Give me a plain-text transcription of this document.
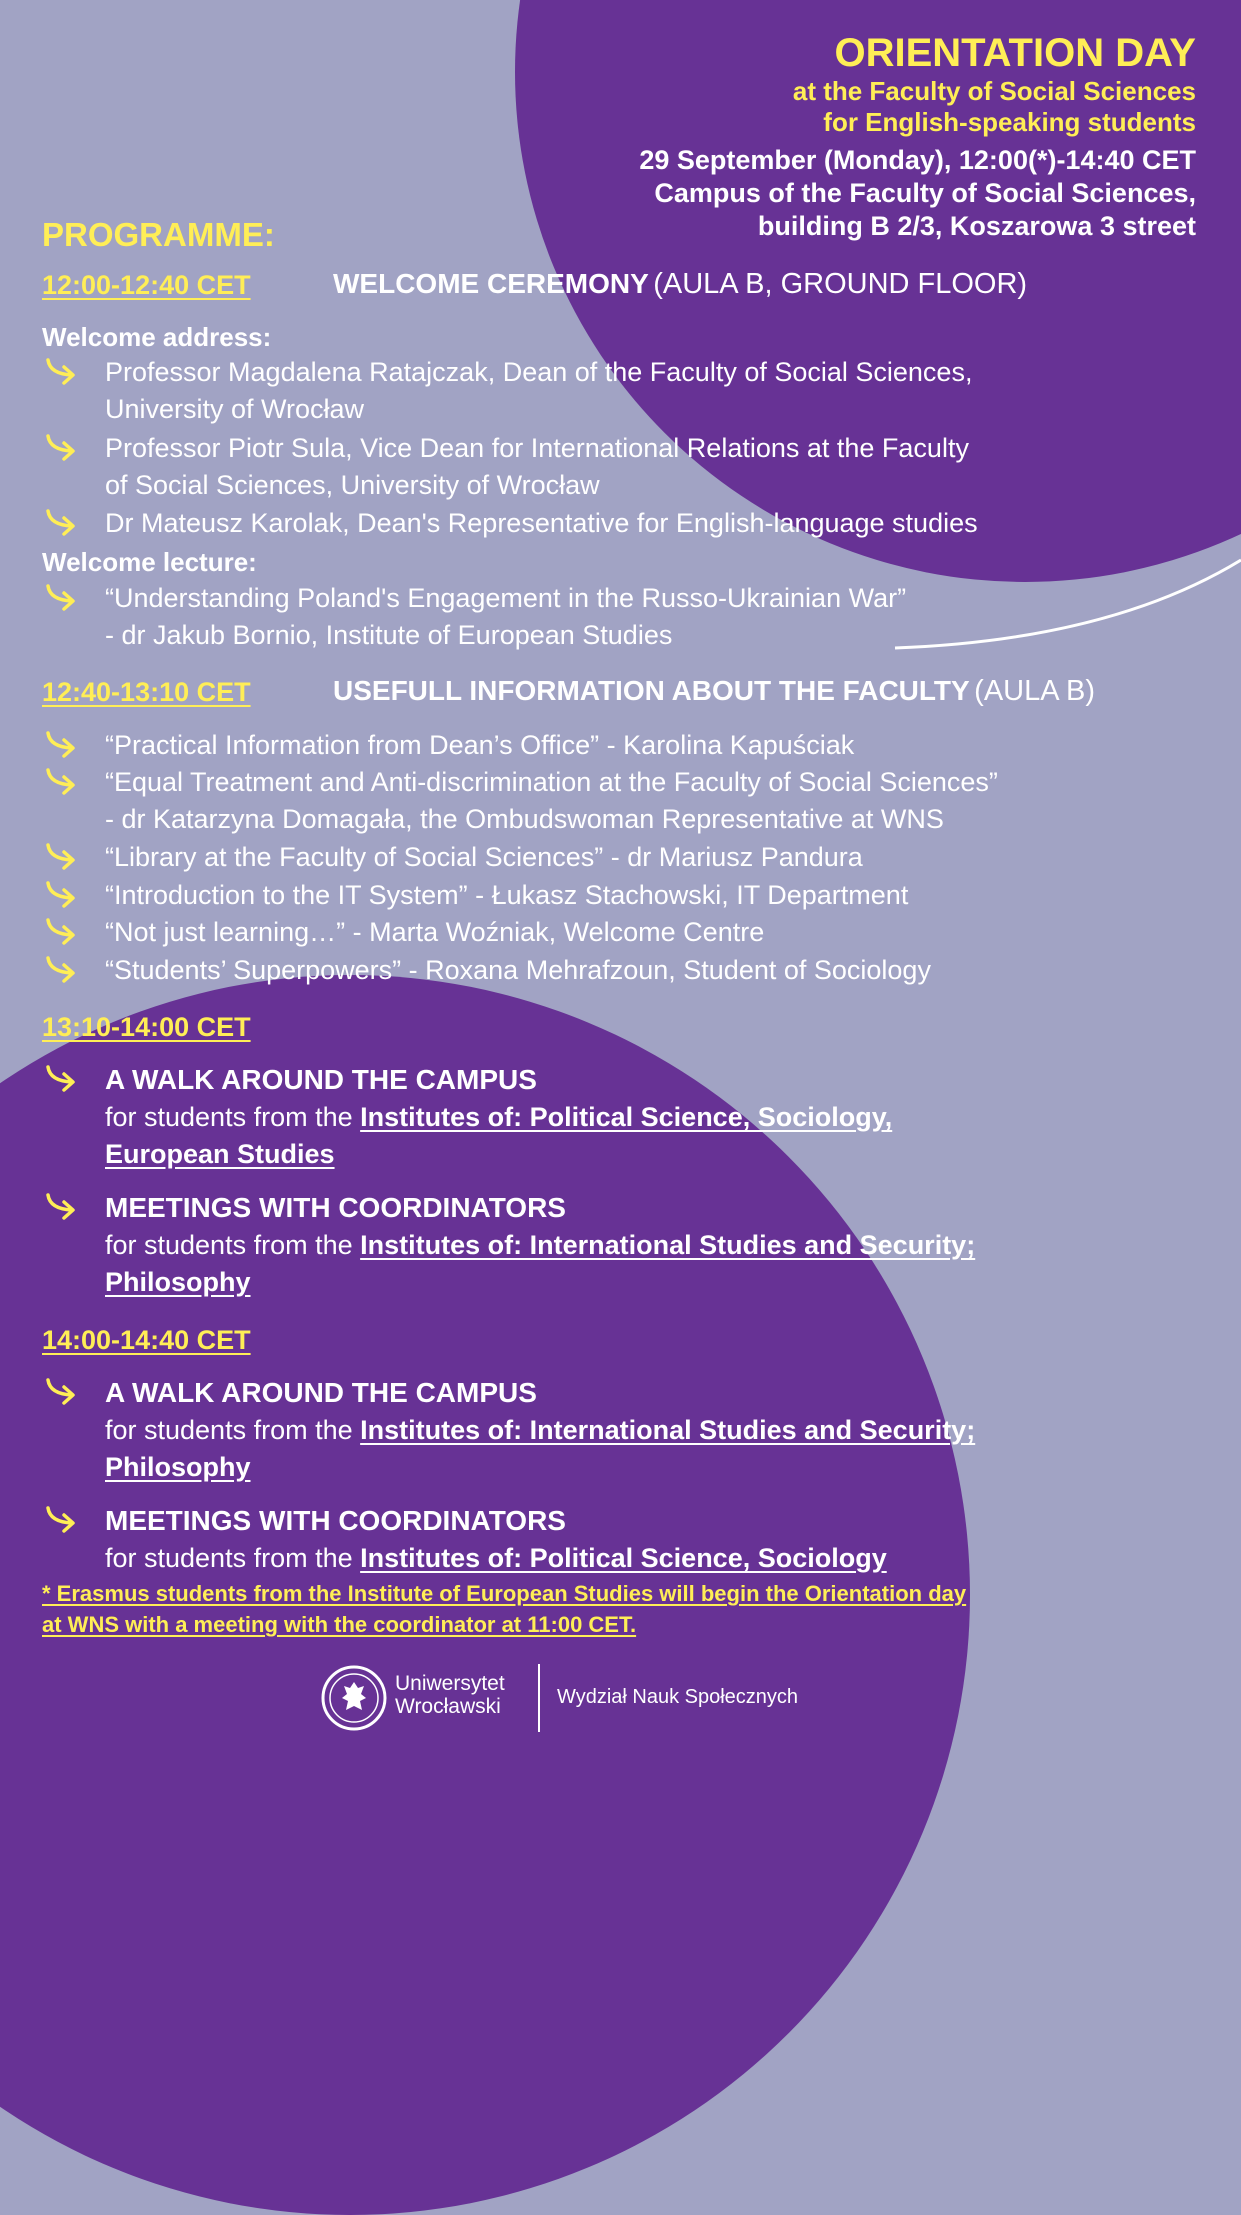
ORIENTATION DAY
at the Faculty of Social Sciences
for English-speaking students
29 September (Monday), 12:00(*)-14:40 CET
Campus of the Faculty of Social Sciences,
building B 2/3, Koszarowa 3 street
PROGRAMME:
12:00-12:40 CET	WELCOME CEREMONY (AULA B, GROUND FLOOR)
Welcome address:
Professor Magdalena Ratajczak, Dean of the Faculty of Social Sciences,
University of Wrocław
Professor Piotr Sula, Vice Dean for International Relations at the Faculty
of Social Sciences, University of Wrocław
Dr Mateusz Karolak, Dean's Representative for English-language studies
Welcome lecture:
“Understanding Poland's Engagement in the Russo-Ukrainian War”
- dr Jakub Bornio, Institute of European Studies
12:40-13:10 CET	USEFULL INFORMATION ABOUT THE FACULTY (AULA B)
“Practical Information from Dean’s Office” - Karolina Kapuściak
“Equal Treatment and Anti-discrimination at the Faculty of Social Sciences”
- dr Katarzyna Domagała, the Ombudswoman Representative at WNS
“Library at the Faculty of Social Sciences” - dr Mariusz Pandura
“Introduction to the IT System” - Łukasz Stachowski, IT Department
“Not just learning…” - Marta Woźniak, Welcome Centre
“Students’ Superpowers” - Roxana Mehrafzoun, Student of Sociology
13:10-14:00 CET
A WALK AROUND THE CAMPUS
for students from the Institutes of: Political Science, Sociology,
European Studies
MEETINGS WITH COORDINATORS
for students from the Institutes of: International Studies and Security;
Philosophy
14:00-14:40 CET
A WALK AROUND THE CAMPUS
for students from the Institutes of: International Studies and Security;
Philosophy
MEETINGS WITH COORDINATORS
for students from the Institutes of: Political Science, Sociology
* Erasmus students from the Institute of European Studies will begin the Orientation day
at WNS with a meeting with the coordinator at 11:00 CET.
Uniwersytet
Wrocławski	Wydział Nauk Społecznych
